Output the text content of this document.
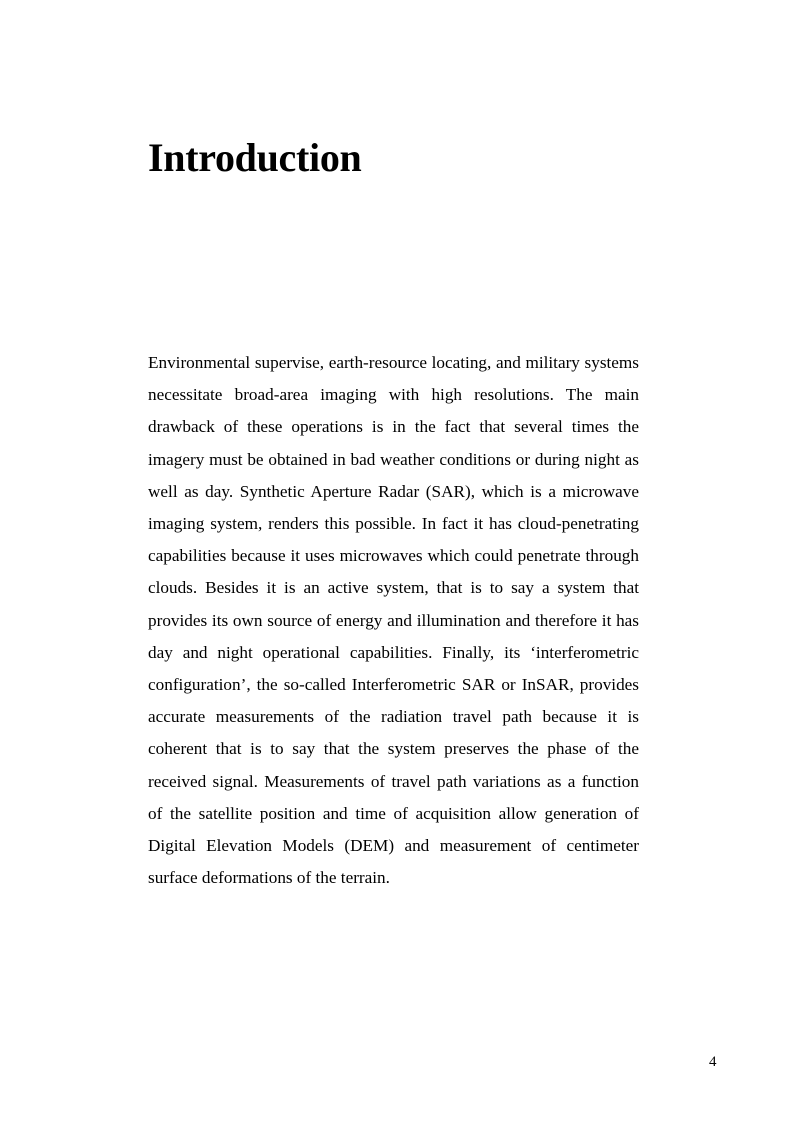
Introduction

Environmental supervise, earth-resource locating, and military systems necessitate broad-area imaging with high resolutions. The main drawback of these operations is in the fact that several times the imagery must be obtained in bad weather conditions or during night as well as day. Synthetic Aperture Radar (SAR), which is a microwave imaging system, renders this possible. In fact it has cloud-penetrating capabilities because it uses microwaves which could penetrate through clouds. Besides it is an active system, that is to say a system that provides its own source of energy and illumination and therefore it has day and night operational capabilities. Finally, its ‘interferometric configuration’, the so-called Interferometric SAR or InSAR, provides accurate measurements of the radiation travel path because it is coherent that is to say that the system preserves the phase of the received signal. Measurements of travel path variations as a function of the satellite position and time of acquisition allow generation of Digital Elevation Models (DEM) and measurement of centimeter surface deformations of the terrain.

4
